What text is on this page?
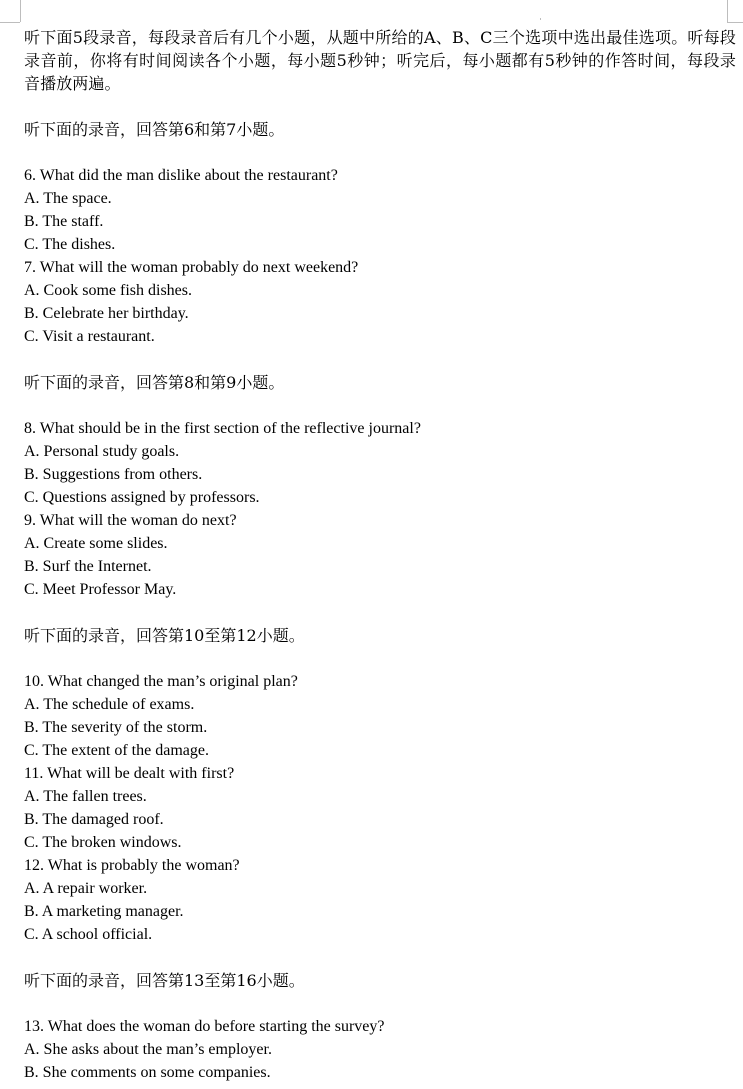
听下面5段录音，每段录音后有几个小题，从题中所给的A、B、C三个选项中选出最佳选项。听每段录音前，你将有时间阅读各个小题，每小题5秒钟；听完后，每小题都有5秒钟的作答时间，每段录音播放两遍。

听下面的录音，回答第6和第7小题。

6. What did the man dislike about the restaurant?

A. The space.

B. The staff.

C. The dishes.

7. What will the woman probably do next weekend?

A. Cook some fish dishes.

B. Celebrate her birthday.

C. Visit a restaurant.

听下面的录音，回答第8和第9小题。

8. What should be in the first section of the reflective journal?

A. Personal study goals.

B. Suggestions from others.

C. Questions assigned by professors.

9. What will the woman do next?

A. Create some slides.

B. Surf the Internet.

C. Meet Professor May.

听下面的录音，回答第10至第12小题。

10. What changed the man’s original plan?

A. The schedule of exams.

B. The severity of the storm.

C. The extent of the damage.

11. What will be dealt with first?

A. The fallen trees.

B. The damaged roof.

C. The broken windows.

12. What is probably the woman?

A. A repair worker.

B. A marketing manager.

C. A school official.

听下面的录音，回答第13至第16小题。

13. What does the woman do before starting the survey?

A. She asks about the man’s employer.

B. She comments on some companies.
